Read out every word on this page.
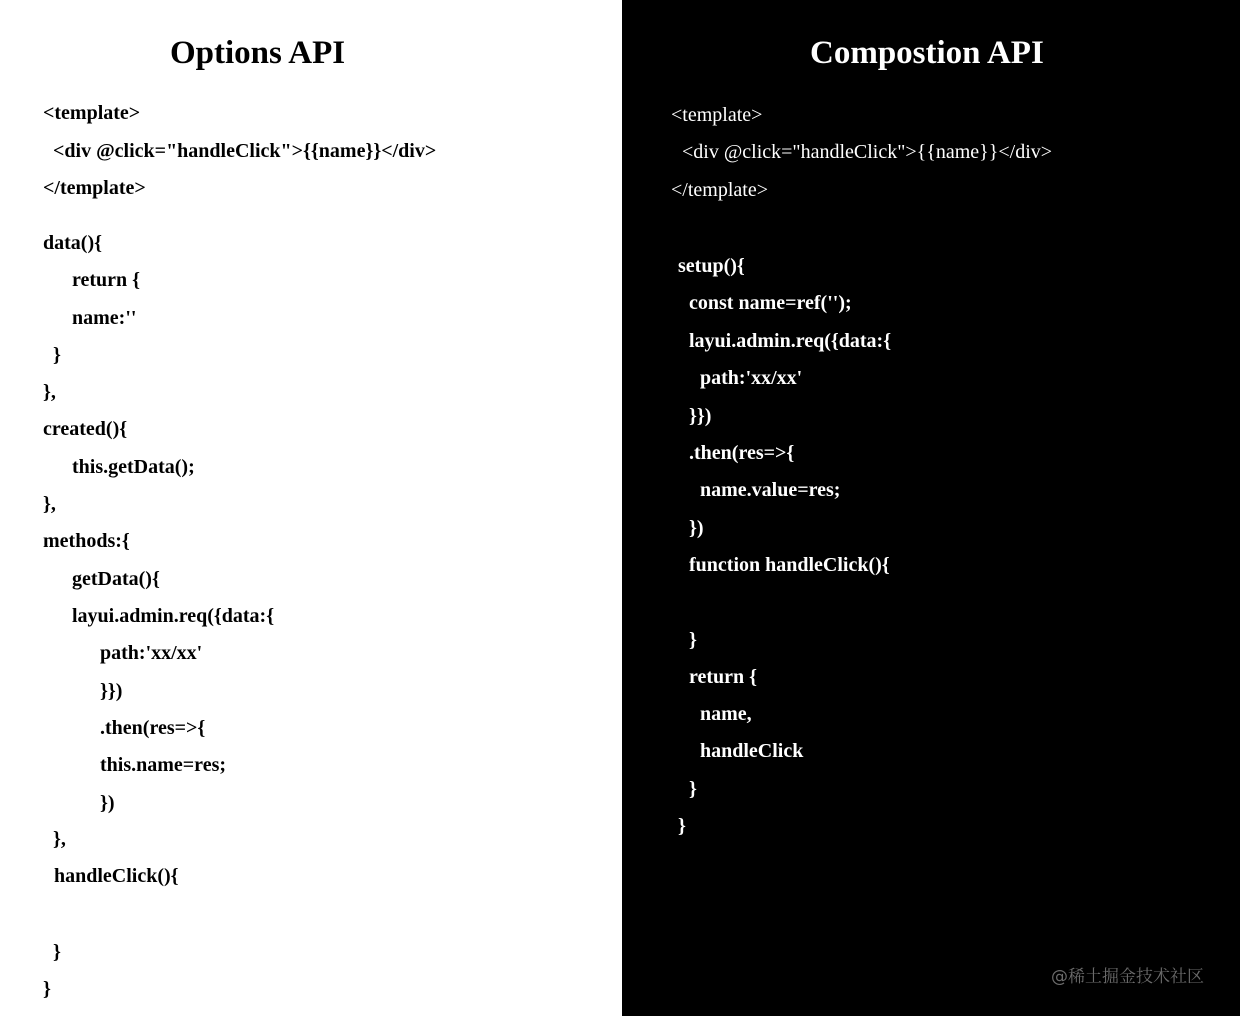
Options API
<template>
<div @click="handleClick">{{name}}</div>
</template>
data(){
return {
name:''
}
},
created(){
this.getData();
},
methods:{
getData(){
layui.admin.req({data:{
path:'xx/xx'
}})
.then(res=>{
this.name=res;
})
},
handleClick(){
}
}
Compostion API
<template>
<div @click="handleClick">{{name}}</div>
</template>
setup(){
const name=ref('');
layui.admin.req({data:{
path:'xx/xx'
}})
.then(res=>{
name.value=res;
})
function handleClick(){
}
return {
name,
handleClick
}
}
@稀土掘金技术社区
